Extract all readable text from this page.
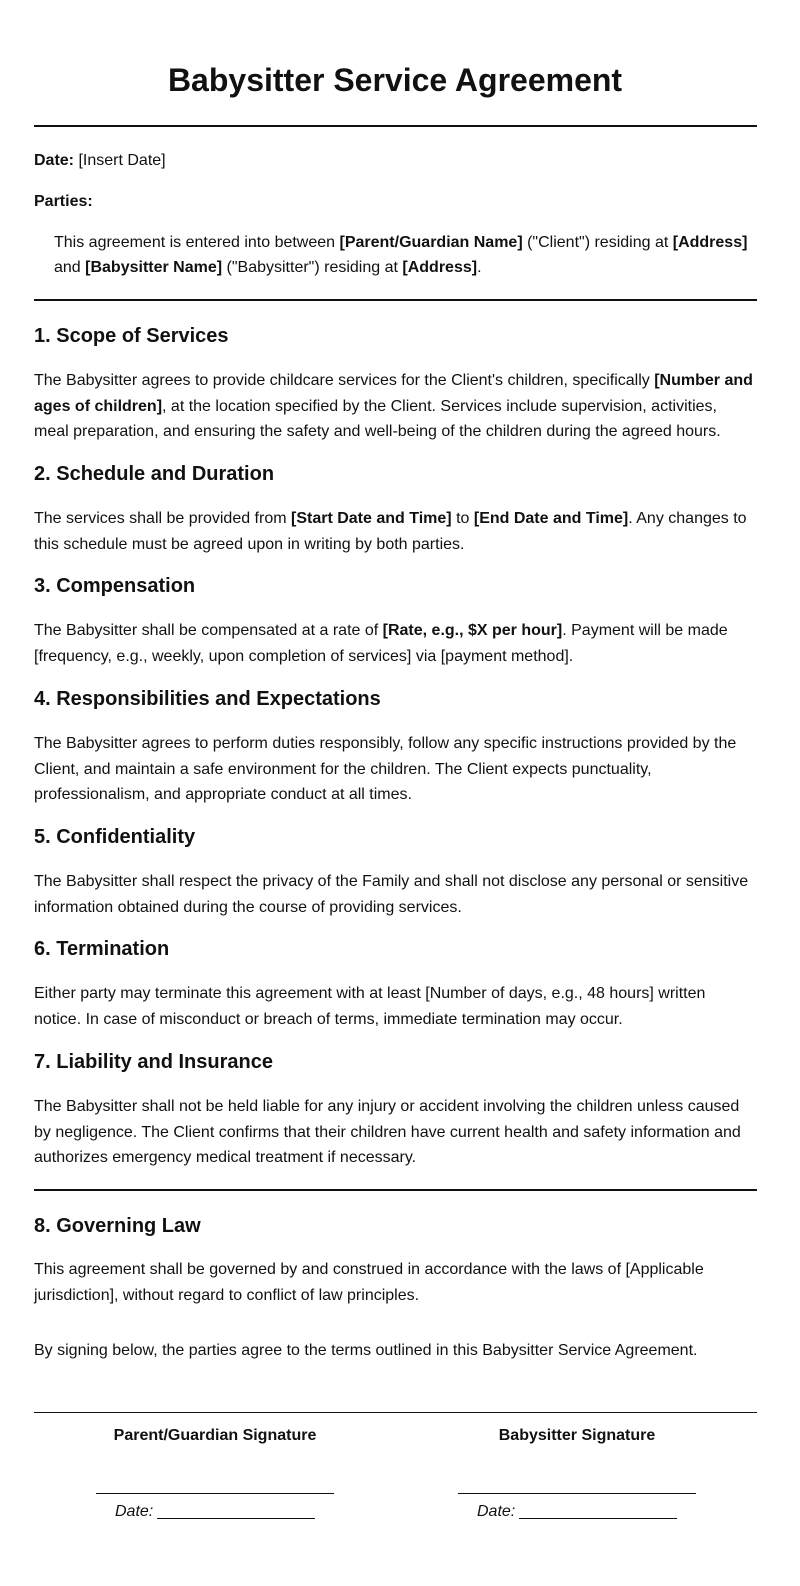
Babysitter Service Agreement

Date: [Insert Date]

Parties:

This agreement is entered into between [Parent/Guardian Name] ("Client") residing at [Address]

and [Babysitter Name] ("Babysitter") residing at [Address].

1. Scope of Services

The Babysitter agrees to provide childcare services for the Client's children, specifically [Number and ages of children], at the location specified by the Client. Services include supervision, activities, meal preparation, and ensuring the safety and well-being of the children during the agreed hours.

2. Schedule and Duration

The services shall be provided from [Start Date and Time] to [End Date and Time]. Any changes to this schedule must be agreed upon in writing by both parties.

3. Compensation

The Babysitter shall be compensated at a rate of [Rate, e.g., $X per hour]. Payment will be made [frequency, e.g., weekly, upon completion of services] via [payment method].

4. Responsibilities and Expectations

The Babysitter agrees to perform duties responsibly, follow any specific instructions provided by the Client, and maintain a safe environment for the children. The Client expects punctuality, professionalism, and appropriate conduct at all times.

5. Confidentiality

The Babysitter shall respect the privacy of the Family and shall not disclose any personal or sensitive information obtained during the course of providing services.

6. Termination

Either party may terminate this agreement with at least [Number of days, e.g., 48 hours] written notice. In case of misconduct or breach of terms, immediate termination may occur.

7. Liability and Insurance

The Babysitter shall not be held liable for any injury or accident involving the children unless caused by negligence. The Client confirms that their children have current health and safety information and authorizes emergency medical treatment if necessary.

8. Governing Law

This agreement shall be governed by and construed in accordance with the laws of [Applicable jurisdiction], without regard to conflict of law principles.

By signing below, the parties agree to the terms outlined in this Babysitter Service Agreement.

Parent/Guardian Signature	Babysitter Signature
Date:	Date:
